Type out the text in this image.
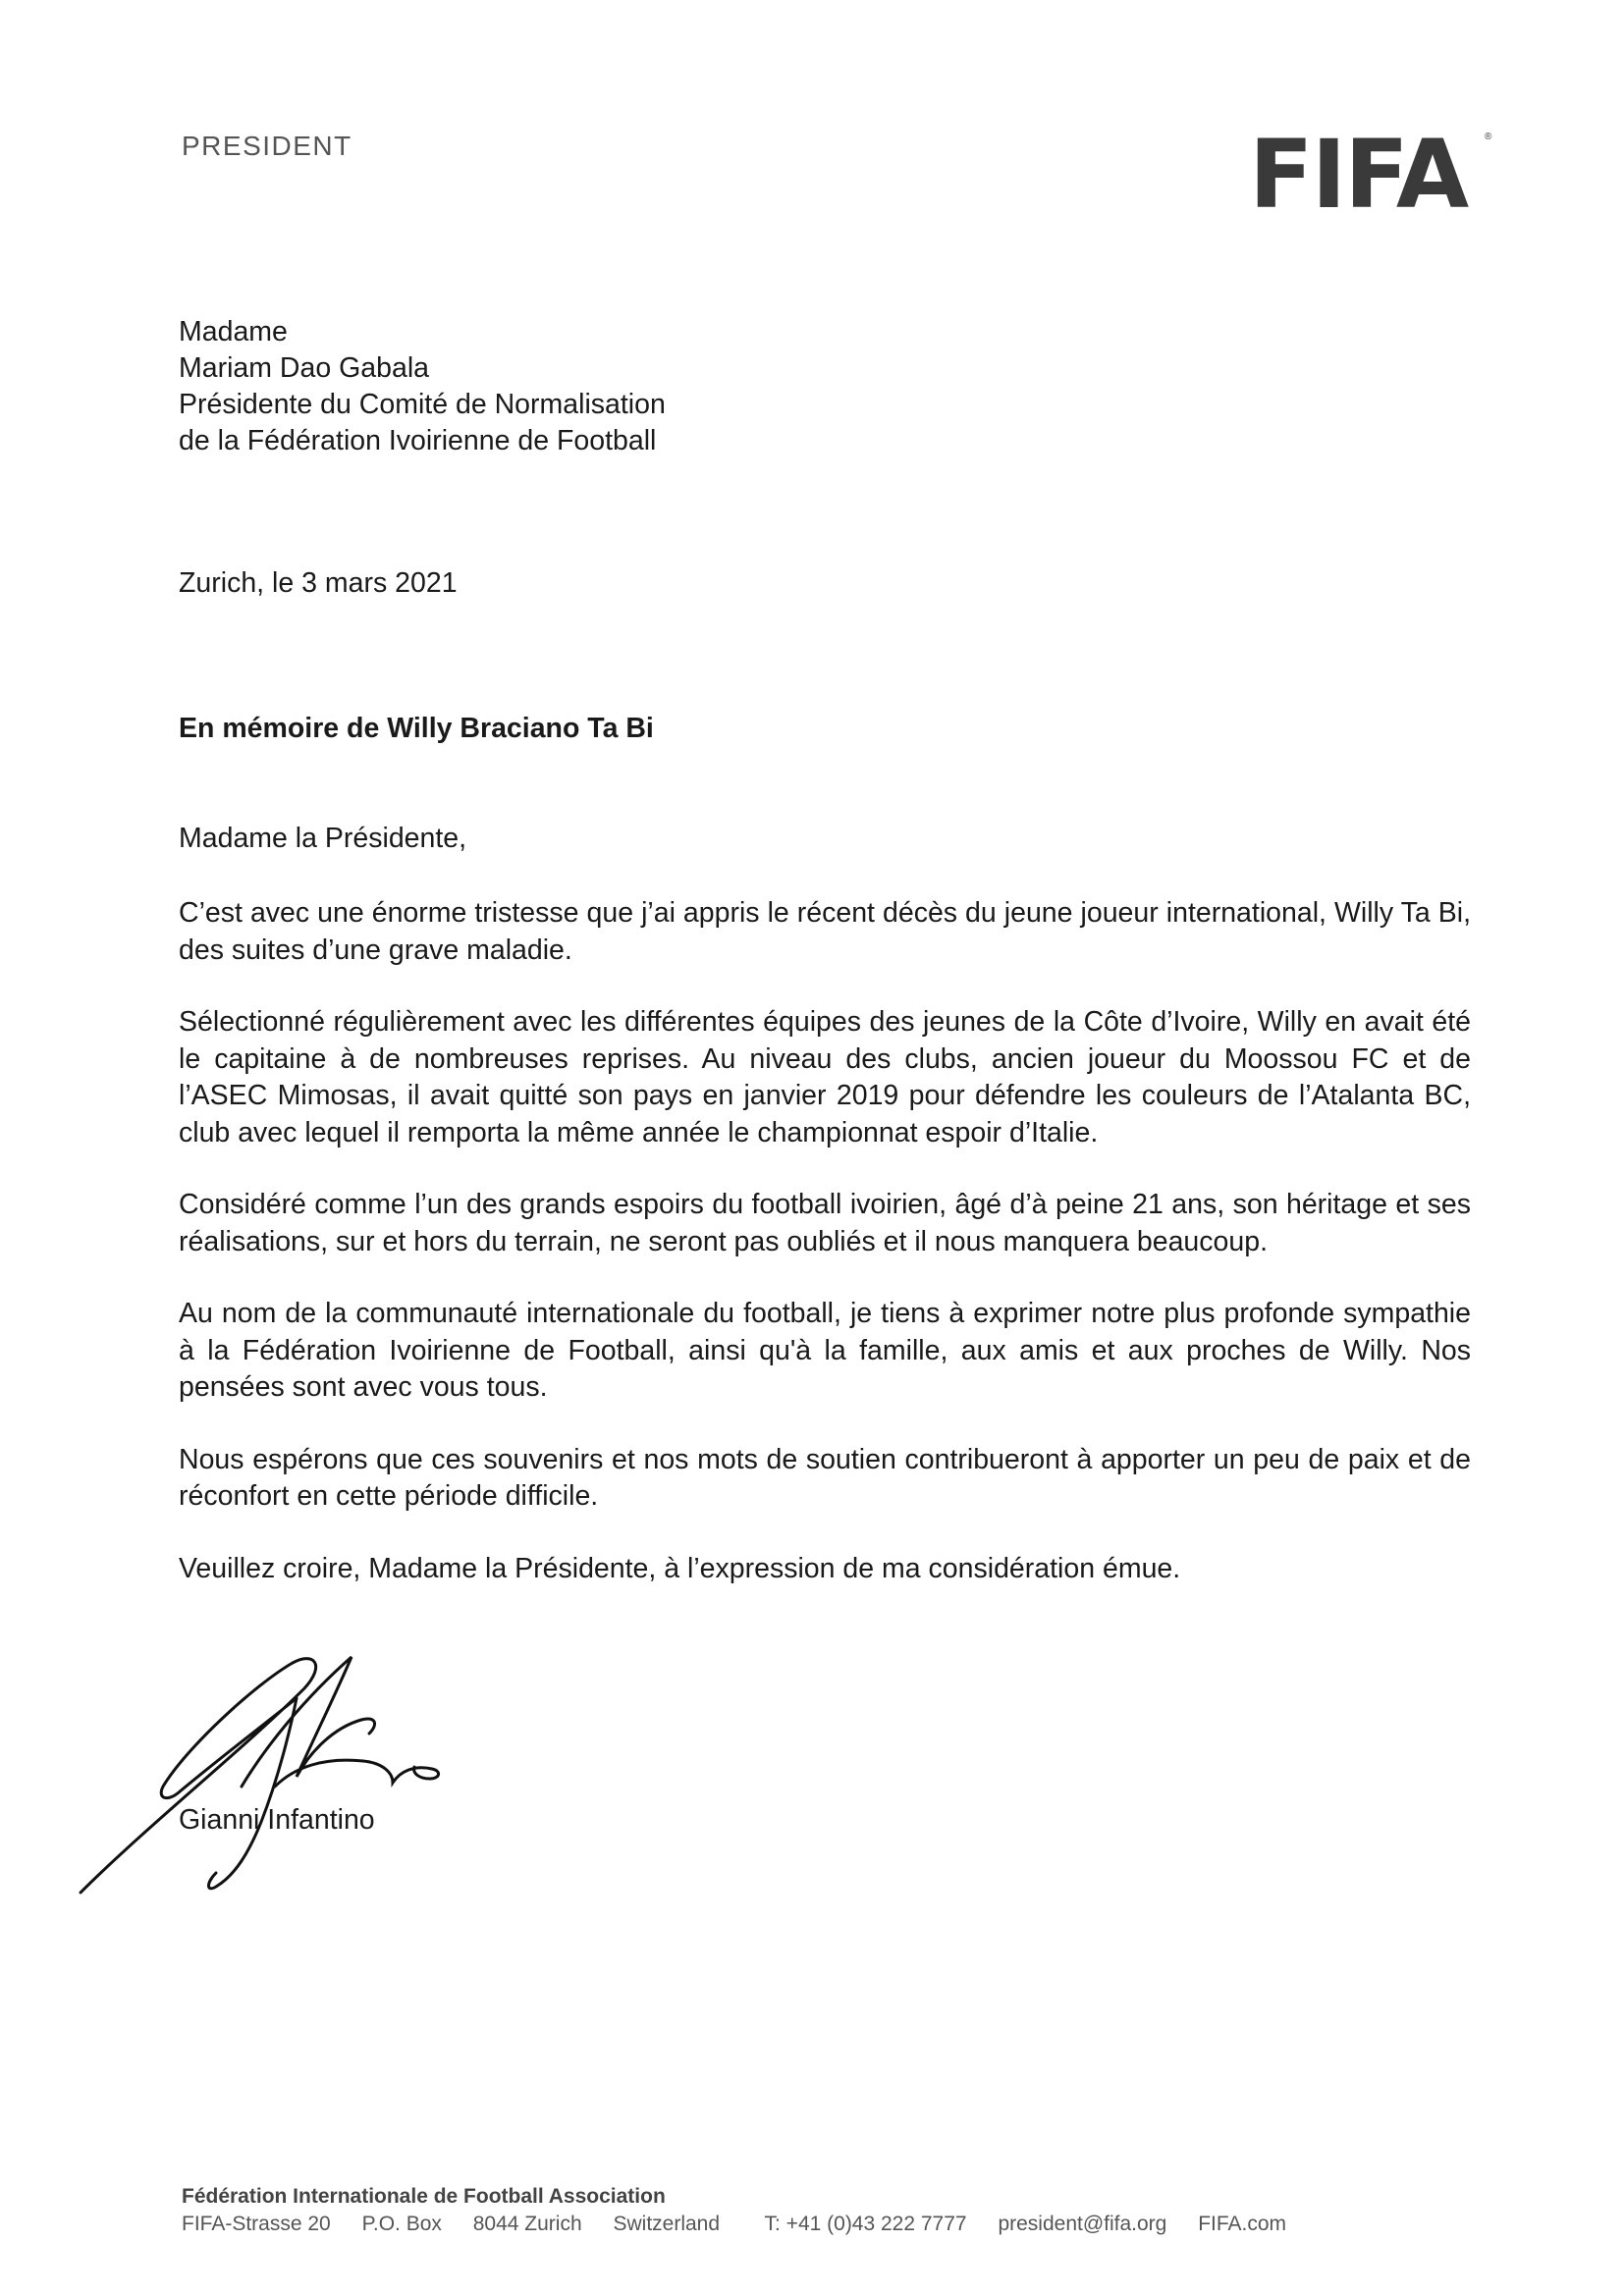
PRESIDENT	FIFA ®
Madame
Mariam Dao Gabala
Présidente du Comité de Normalisation
de la Fédération Ivoirienne de Football
Zurich, le 3 mars 2021
En mémoire de Willy Braciano Ta Bi
Madame la Présidente,

C’est avec une énorme tristesse que j’ai appris le récent décès du jeune joueur international, Willy Ta Bi, des suites d’une grave maladie.

Sélectionné régulièrement avec les différentes équipes des jeunes de la Côte d’Ivoire, Willy en avait été le capitaine à de nombreuses reprises. Au niveau des clubs, ancien joueur du Moossou FC et de l’ASEC Mimosas, il avait quitté son pays en janvier 2019 pour défendre les couleurs de l’Atalanta BC, club avec lequel il remporta la même année le championnat espoir d’Italie.

Considéré comme l’un des grands espoirs du football ivoirien, âgé d’à peine 21 ans, son héritage et ses réalisations, sur et hors du terrain, ne seront pas oubliés et il nous manquera beaucoup.

Au nom de la communauté internationale du football, je tiens à exprimer notre plus profonde sympathie à la Fédération Ivoirienne de Football, ainsi qu'à la famille, aux amis et aux proches de Willy. Nos pensées sont avec vous tous.

Nous espérons que ces souvenirs et nos mots de soutien contribueront à apporter un peu de paix et de réconfort en cette période difficile.

Veuillez croire, Madame la Présidente, à l’expression de ma considération émue.

Gianni Infantino
Fédération Internationale de Football Association
FIFA-Strasse 20 P.O. Box 8044 Zurich Switzerland T: +41 (0)43 222 7777 president@fifa.org FIFA.com
